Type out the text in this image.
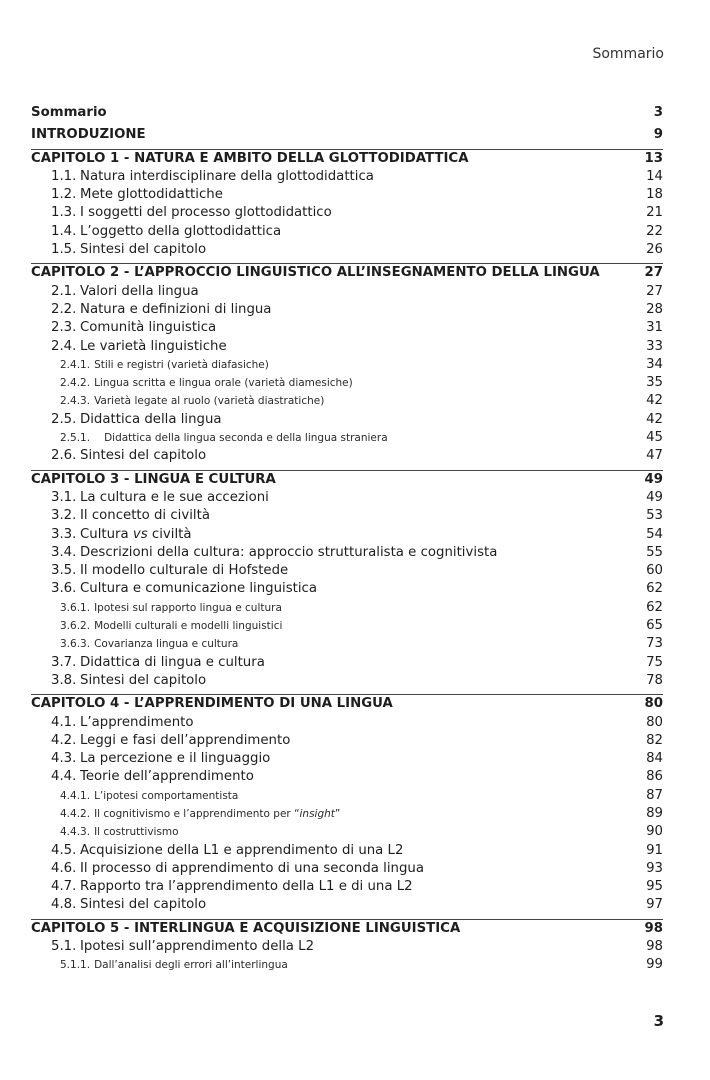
Sommario
Sommario	3
INTRODUZIONE	9
CAPITOLO 1 - NATURA E AMBITO DELLA GLOTTODIDATTICA	13
1.1. Natura interdisciplinare della glottodidattica	14
1.2. Mete glottodidattiche	18
1.3. I soggetti del processo glottodidattico	21
1.4. L’oggetto della glottodidattica	22
1.5. Sintesi del capitolo	26
CAPITOLO 2 - L’APPROCCIO LINGUISTICO ALL’INSEGNAMENTO DELLA LINGUA	27
2.1. Valori della lingua	27
2.2. Natura e definizioni di lingua	28
2.3. Comunità linguistica	31
2.4. Le varietà linguistiche	33
2.4.1. Stili e registri (varietà diafasiche)	34
2.4.2. Lingua scritta e lingua orale (varietà diamesiche)	35
2.4.3. Varietà legate al ruolo (varietà diastratiche)	42
2.5. Didattica della lingua	42
2.5.1. Didattica della lingua seconda e della lingua straniera	45
2.6. Sintesi del capitolo	47
CAPITOLO 3 - LINGUA E CULTURA	49
3.1. La cultura e le sue accezioni	49
3.2. Il concetto di civiltà	53
3.3. Cultura vs civiltà	54
3.4. Descrizioni della cultura: approccio strutturalista e cognitivista	55
3.5. Il modello culturale di Hofstede	60
3.6. Cultura e comunicazione linguistica	62
3.6.1. Ipotesi sul rapporto lingua e cultura	62
3.6.2. Modelli culturali e modelli linguistici	65
3.6.3. Covarianza lingua e cultura	73
3.7. Didattica di lingua e cultura	75
3.8. Sintesi del capitolo	78
CAPITOLO 4 - L’APPRENDIMENTO DI UNA LINGUA	80
4.1. L’apprendimento	80
4.2. Leggi e fasi dell’apprendimento	82
4.3. La percezione e il linguaggio	84
4.4. Teorie dell’apprendimento	86
4.4.1. L’ipotesi comportamentista	87
4.4.2. Il cognitivismo e l’apprendimento per “insight”	89
4.4.3. Il costruttivismo	90
4.5. Acquisizione della L1 e apprendimento di una L2	91
4.6. Il processo di apprendimento di una seconda lingua	93
4.7. Rapporto tra l’apprendimento della L1 e di una L2	95
4.8. Sintesi del capitolo	97
CAPITOLO 5 - INTERLINGUA E ACQUISIZIONE LINGUISTICA	98
5.1. Ipotesi sull’apprendimento della L2	98
5.1.1. Dall’analisi degli errori all’interlingua	99
3
